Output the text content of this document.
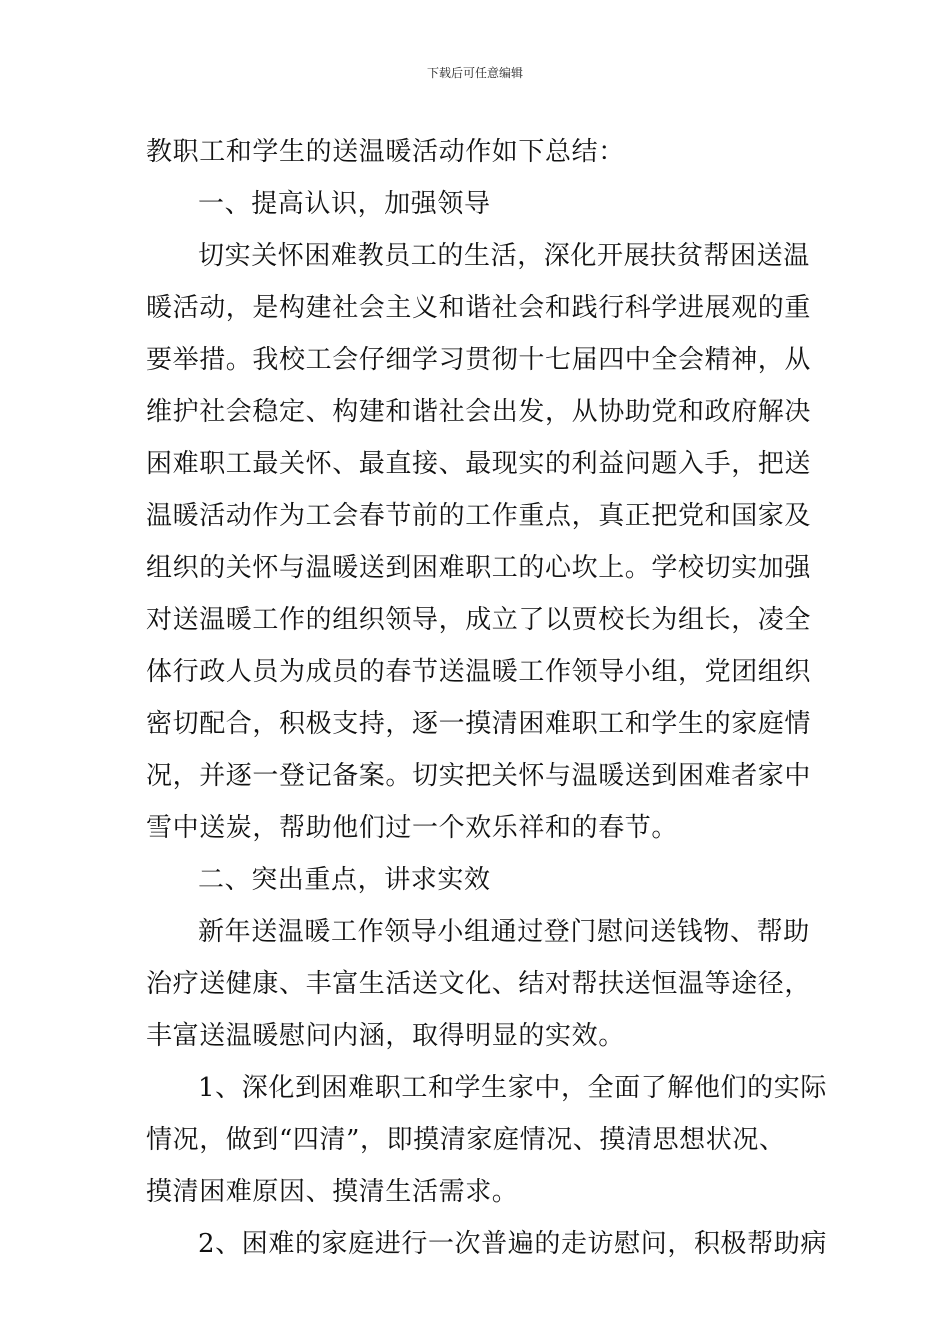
下载后可任意编辑
教职工和学生的送温暖活动作如下总结：
一、提高认识，加强领导
切实关怀困难教员工的生活，深化开展扶贫帮困送温
暖活动，是构建社会主义和谐社会和践行科学进展观的重
要举措。我校工会仔细学习贯彻十七届四中全会精神，从
维护社会稳定、构建和谐社会出发，从协助党和政府解决
困难职工最关怀、最直接、最现实的利益问题入手，把送
温暖活动作为工会春节前的工作重点，真正把党和国家及
组织的关怀与温暖送到困难职工的心坎上。学校切实加强
对送温暖工作的组织领导，成立了以贾校长为组长，凌全
体行政人员为成员的春节送温暖工作领导小组，党团组织
密切配合，积极支持，逐一摸清困难职工和学生的家庭情
况，并逐一登记备案。切实把关怀与温暖送到困难者家中
雪中送炭，帮助他们过一个欢乐祥和的春节。
二、突出重点，讲求实效
新年送温暖工作领导小组通过登门慰问送钱物、帮助
治疗送健康、丰富生活送文化、结对帮扶送恒温等途径，
丰富送温暖慰问内涵，取得明显的实效。
1、深化到困难职工和学生家中，全面了解他们的实际
情况，做到“四清”，即摸清家庭情况、摸清思想状况、
摸清困难原因、摸清生活需求。
2、困难的家庭进行一次普遍的走访慰问，积极帮助病
